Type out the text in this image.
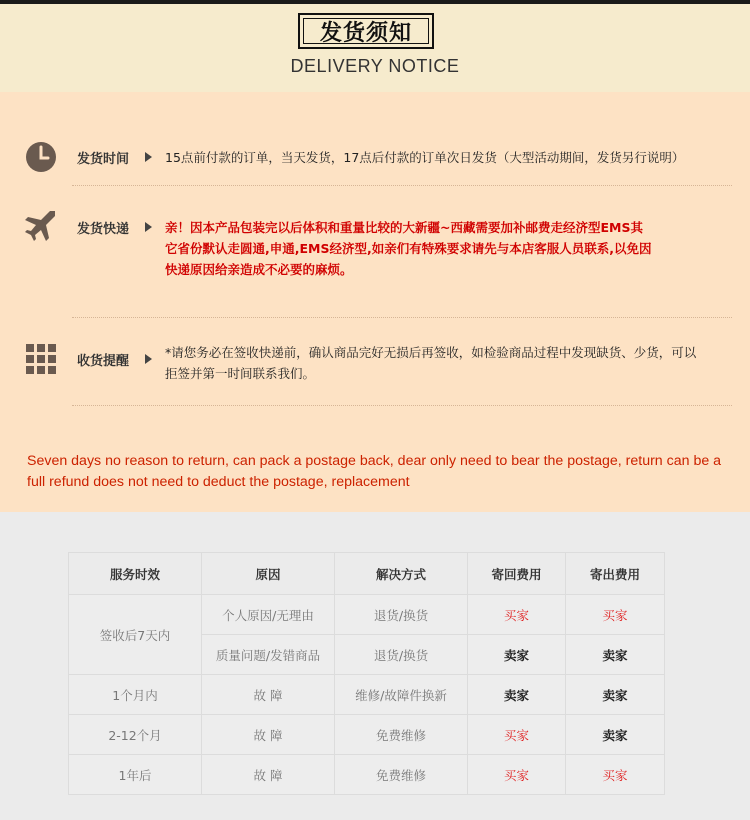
发货须知
DELIVERY NOTICE
发货时间	15点前付款的订单，当天发货，17点后付款的订单次日发货（大型活动期间，发货另行说明）
发货快递	亲！因本产品包装完以后体积和重量比较的大新疆~西藏需要加补邮费走经济型EMS其
它省份默认走圆通,申通,EMS经济型,如亲们有特殊要求请先与本店客服人员联系,以免因
快递原因给亲造成不必要的麻烦。
收货提醒
*请您务必在签收快递前，确认商品完好无损后再签收，如检验商品过程中发现缺货、少货，可以
拒签并第一时间联系我们。
Seven days no reason to return, can pack a postage back, dear only need to bear the postage, return can be a full refund does not need to deduct the postage, replacement
服务时效	原因	解决方式	寄回费用	寄出费用
签收后7天内	个人原因/无理由	退货/换货	买家	买家
	质量问题/发错商品	退货/换货	卖家	卖家
1个月内	故 障	维修/故障件换新	卖家	卖家
2-12个月	故 障	免费维修	买家	卖家
1年后	故 障	免费维修	买家	买家
